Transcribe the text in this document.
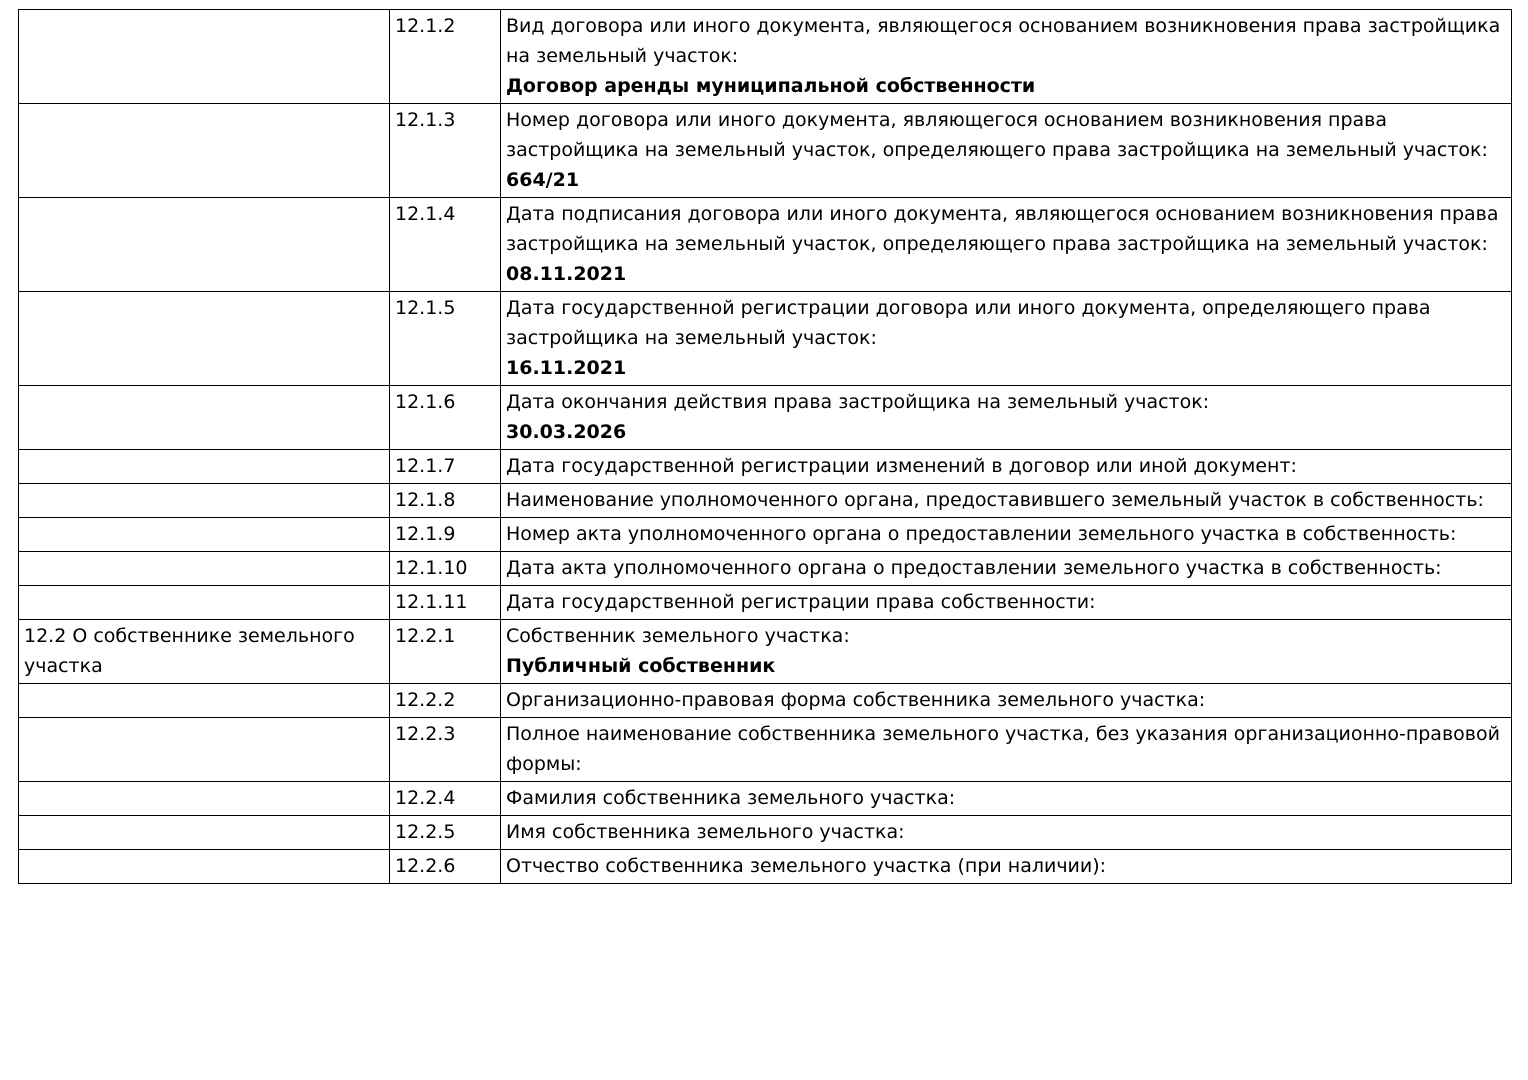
	12.1.2	Вид договора или иного документа, являющегося основанием возникновения права застройщика на земельный участок:
Договор аренды муниципальной собственности

	12.1.3	Номер договора или иного документа, являющегося основанием возникновения права застройщика на земельный участок, определяющего права застройщика на земельный участок:
664/21

	12.1.4	Дата подписания договора или иного документа, являющегося основанием возникновения права застройщика на земельный участок, определяющего права застройщика на земельный участок:
08.11.2021

	12.1.5	Дата государственной регистрации договора или иного документа, определяющего права застройщика на земельный участок:
16.11.2021

	12.1.6	Дата окончания действия права застройщика на земельный участок:
30.03.2026

	12.1.7	Дата государственной регистрации изменений в договор или иной документ:
	12.1.8	Наименование уполномоченного органа, предоставившего земельный участок в собственность:
	12.1.9	Номер акта уполномоченного органа о предоставлении земельного участка в собственность:
	12.1.10	Дата акта уполномоченного органа о предоставлении земельного участка в собственность:
	12.1.11	Дата государственной регистрации права собственности:
12.2 О собственнике земельного участка	12.2.1	Собственник земельного участка:
Публичный собственник

	12.2.2	Организационно-правовая форма собственника земельного участка:
	12.2.3	Полное наименование собственника земельного участка, без указания организационно-правовой формы:
	12.2.4	Фамилия собственника земельного участка:
	12.2.5	Имя собственника земельного участка:
	12.2.6	Отчество собственника земельного участка (при наличии):
